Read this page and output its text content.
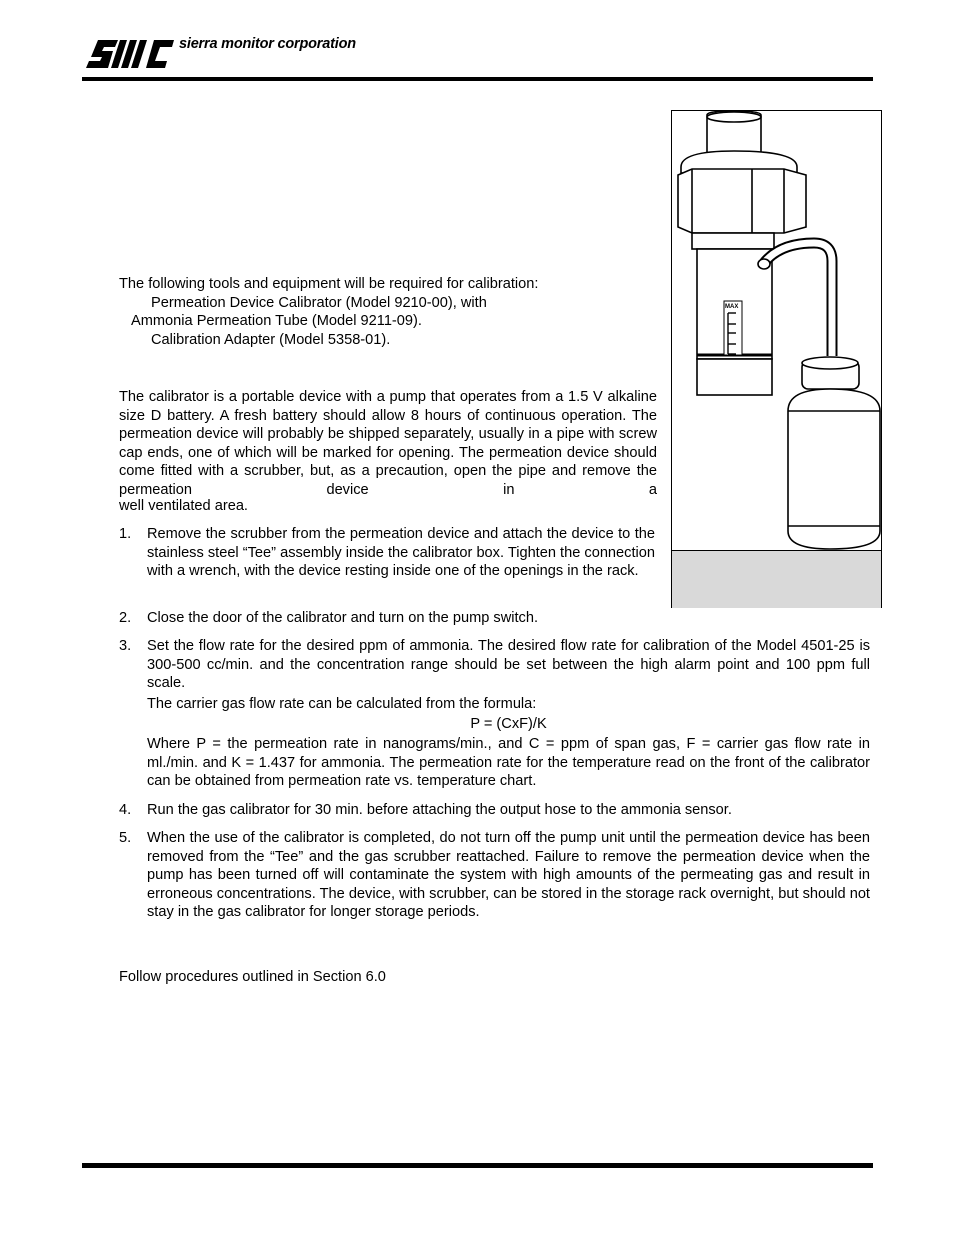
sierra monitor corporation
MAX
The following tools and equipment will be required for calibration:
Permeation Device Calibrator (Model 9210-00), with
Ammonia Permeation Tube (Model 9211-09).
Calibration Adapter (Model 5358-01).
The calibrator is a portable device with a pump that operates from a 1.5 V alkaline size D battery. A fresh battery should allow 8 hours of continuous operation. The permeation device will probably be shipped separately, usually in a pipe with screw cap ends, one of which will be marked for opening. The permeation device should come fitted with a scrubber, but, as a precaution, open the pipe and remove the permeation device in a
well ventilated area.
1. Remove the scrubber from the permeation device and attach the device to the stainless steel “Tee” assembly inside the calibrator box. Tighten the connection with a wrench, with the device resting inside one of the openings in the rack.
2. Close the door of the calibrator and turn on the pump switch.
3. Set the flow rate for the desired ppm of ammonia. The desired flow rate for calibration of the Model 4501-25 is 300-500 cc/min. and the concentration range should be set between the high alarm point and 100 ppm full scale.
The carrier gas flow rate can be calculated from the formula:
P = (CxF)/K
Where P = the permeation rate in nanograms/min., and C = ppm of span gas, F = carrier gas flow rate in ml./min. and K = 1.437 for ammonia. The permeation rate for the temperature read on the front of the calibrator can be obtained from permeation rate vs. temperature chart.
4. Run the gas calibrator for 30 min. before attaching the output hose to the ammonia sensor.
5. When the use of the calibrator is completed, do not turn off the pump unit until the permeation device has been removed from the “Tee” and the gas scrubber reattached. Failure to remove the permeation device when the pump has been turned off will contaminate the system with high amounts of the permeating gas and result in erroneous concentrations. The device, with scrubber, can be stored in the storage rack overnight, but should not stay in the gas calibrator for longer storage periods.
Follow procedures outlined in Section 6.0
